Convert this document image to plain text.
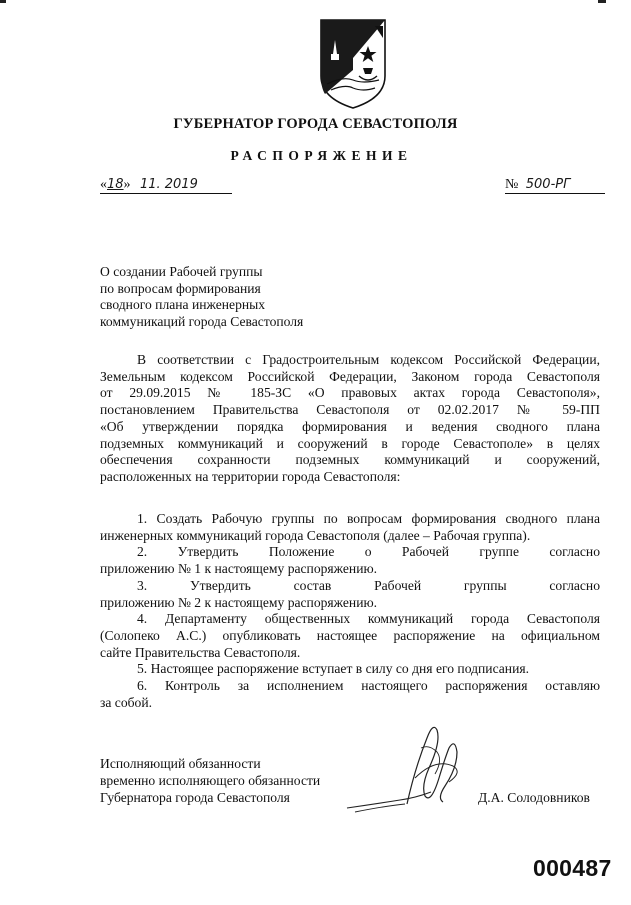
ГУБЕРНАТОР ГОРОДА СЕВАСТОПОЛЯ
РАСПОРЯЖЕНИЕ
«18» 11. 2019	№ 500-РГ
О создании Рабочей группы
по вопросам формирования
сводного плана инженерных
коммуникаций города Севастополя
В соответствии с Градостроительным кодексом Российской Федерации,
Земельным кодексом Российской Федерации, Законом города Севастополя
от 29.09.2015 № 185-ЗС «О правовых актах города Севастополя»,
постановлением Правительства Севастополя от 02.02.2017 № 59-ПП
«Об утверждении порядка формирования и ведения сводного плана
подземных коммуникаций и сооружений в городе Севастополе» в целях
обеспечения сохранности подземных коммуникаций и сооружений,
расположенных на территории города Севастополя:
1. Создать Рабочую группы по вопросам формирования сводного плана
инженерных коммуникаций города Севастополя (далее – Рабочая группа).
2. Утвердить Положение о Рабочей группе согласно
приложению № 1 к настоящему распоряжению.
3. Утвердить состав Рабочей группы согласно
приложению № 2 к настоящему распоряжению.
4. Департаменту общественных коммуникаций города Севастополя
(Солопеко А.С.) опубликовать настоящее распоряжение на официальном
сайте Правительства Севастополя.
5. Настоящее распоряжение вступает в силу со дня его подписания.
6. Контроль за исполнением настоящего распоряжения оставляю
за собой.
Исполняющий обязанности
временно исполняющего обязанности
Губернатора города Севастополя	Д.А. Солодовников
000487
